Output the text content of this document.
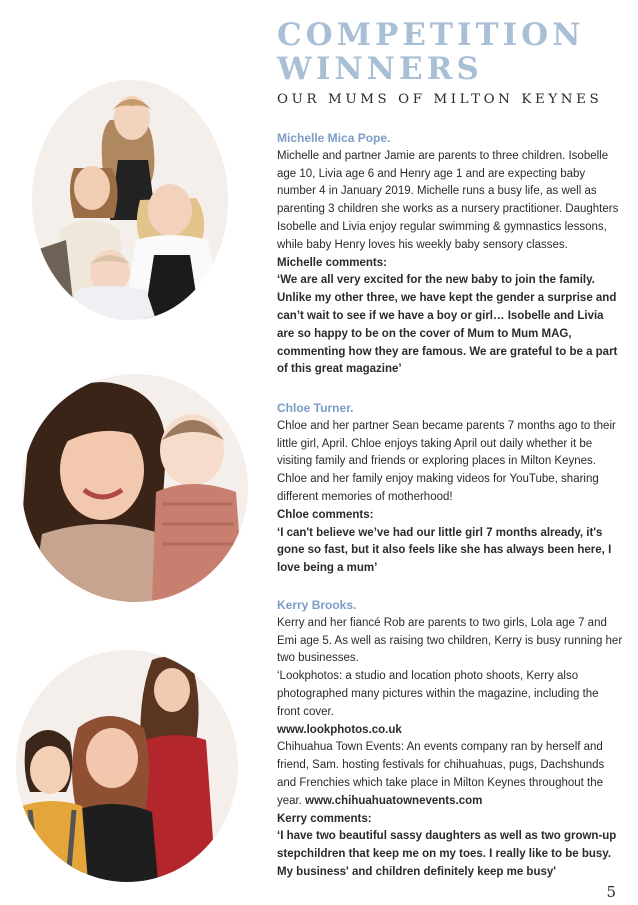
COMPETITION
WINNERS
OUR MUMS OF MILTON KEYNES
Michelle Mica Pope.
Michelle and partner Jamie are parents to three children. Isobelle age 10, Livia age 6 and Henry age 1 and are expecting baby number 4 in January 2019. Michelle runs a busy life, as well as parenting 3 children she works as a nursery practitioner. Daughters Isobelle and Livia enjoy regular swimming & gymnastics lessons, while baby Henry loves his weekly baby sensory classes.
Michelle comments:
‘We are all very excited for the new baby to join the family. Unlike my other three, we have kept the gender a surprise and can’t wait to see if we have a boy or girl… Isobelle and Livia are so happy to be on the cover of Mum to Mum MAG, commenting how they are famous. We are grateful to be a part of this great magazine’
Chloe Turner.
Chloe and her partner Sean became parents 7 months ago to their little girl, April. Chloe enjoys taking April out daily whether it be visiting family and friends or exploring places in Milton Keynes. Chloe and her family enjoy making videos for YouTube, sharing different memories of motherhood!
Chloe comments:
‘I can't believe we’ve had our little girl 7 months already, it's gone so fast, but it also feels like she has always been here, I love being a mum’
Kerry Brooks.
Kerry and her fiancé Rob are parents to two girls, Lola age 7 and Emi age 5. As well as raising two children, Kerry is busy running her two businesses.
‘Lookphotos: a studio and location photo shoots, Kerry also photographed many pictures within the magazine, including the front cover.
www.lookphotos.co.uk
Chihuahua Town Events: An events company ran by herself and friend, Sam. hosting festivals for chihuahuas, pugs, Dachshunds and Frenchies which take place in Milton Keynes throughout the year. www.chihuahuatownevents.com
Kerry comments:
‘I have two beautiful sassy daughters as well as two grown-up stepchildren that keep me on my toes. I really like to be busy. My business' and children definitely keep me busy'
5
